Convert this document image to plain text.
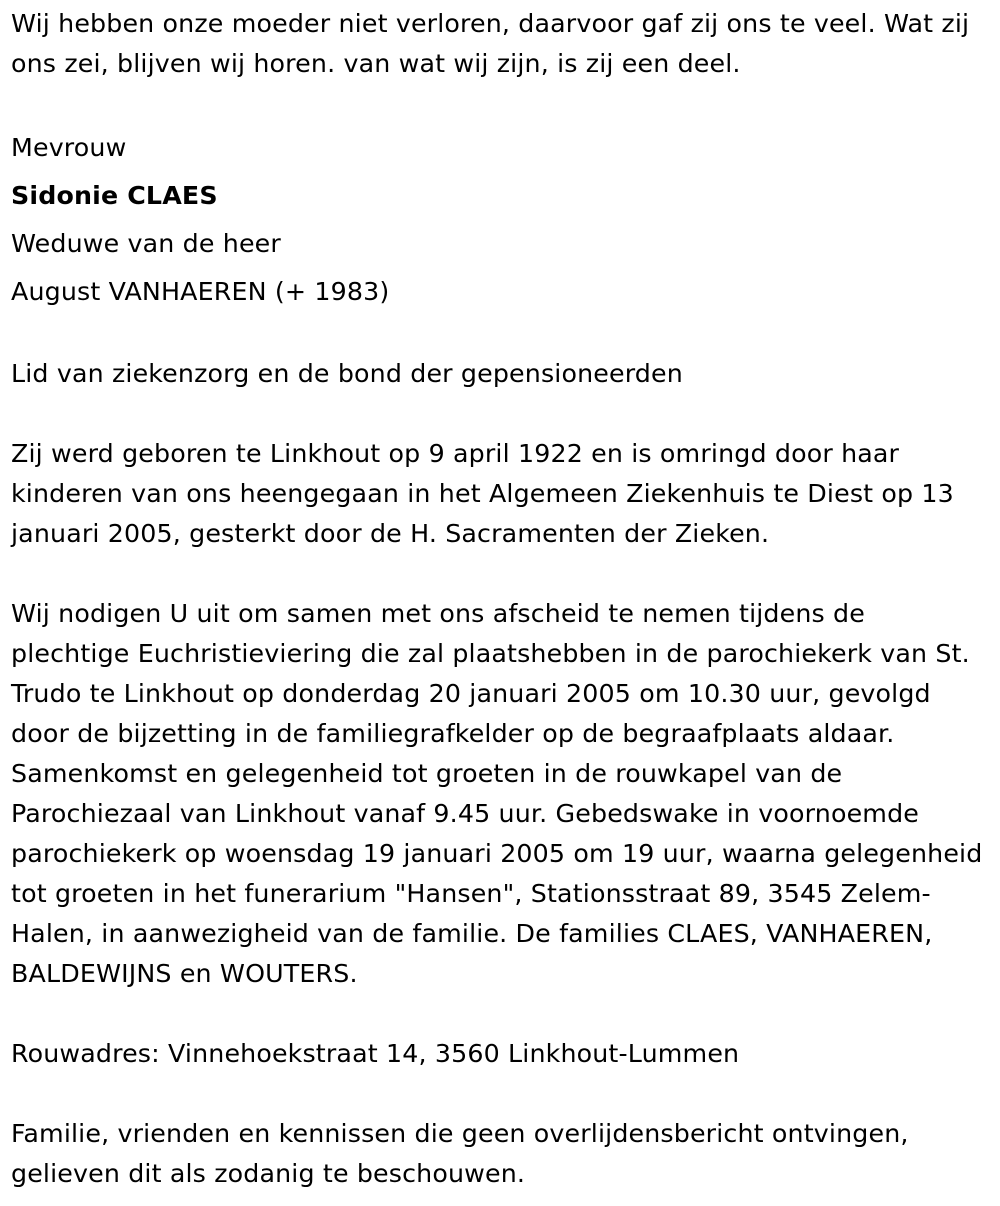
Wij hebben onze moeder niet verloren, daarvoor gaf zij ons te veel. Wat zij ons zei, blijven wij horen. van wat wij zijn, is zij een deel.

Mevrouw

Sidonie CLAES

Weduwe van de heer

August VANHAEREN (+ 1983)

Lid van ziekenzorg en de bond der gepensioneerden

Zij werd geboren te Linkhout op 9 april 1922 en is omringd door haar kinderen van ons heengegaan in het Algemeen Ziekenhuis te Diest op 13 januari 2005, gesterkt door de H. Sacramenten der Zieken.

Wij nodigen U uit om samen met ons afscheid te nemen tijdens de plechtige Euchristieviering die zal plaatshebben in de parochiekerk van St. Trudo te Linkhout op donderdag 20 januari 2005 om 10.30 uur, gevolgd door de bijzetting in de familiegrafkelder op de begraafplaats aldaar. Samenkomst en gelegenheid tot groeten in de rouwkapel van de Parochiezaal van Linkhout vanaf 9.45 uur. Gebedswake in voornoemde parochiekerk op woensdag 19 januari 2005 om 19 uur, waarna gelegenheid tot groeten in het funerarium "Hansen", Stationsstraat 89, 3545 Zelem-Halen, in aanwezigheid van de familie. De families CLAES, VANHAEREN, BALDEWIJNS en WOUTERS.

Rouwadres: Vinnehoekstraat 14, 3560 Linkhout-Lummen

Familie, vrienden en kennissen die geen overlijdensbericht ontvingen, gelieven dit als zodanig te beschouwen.
